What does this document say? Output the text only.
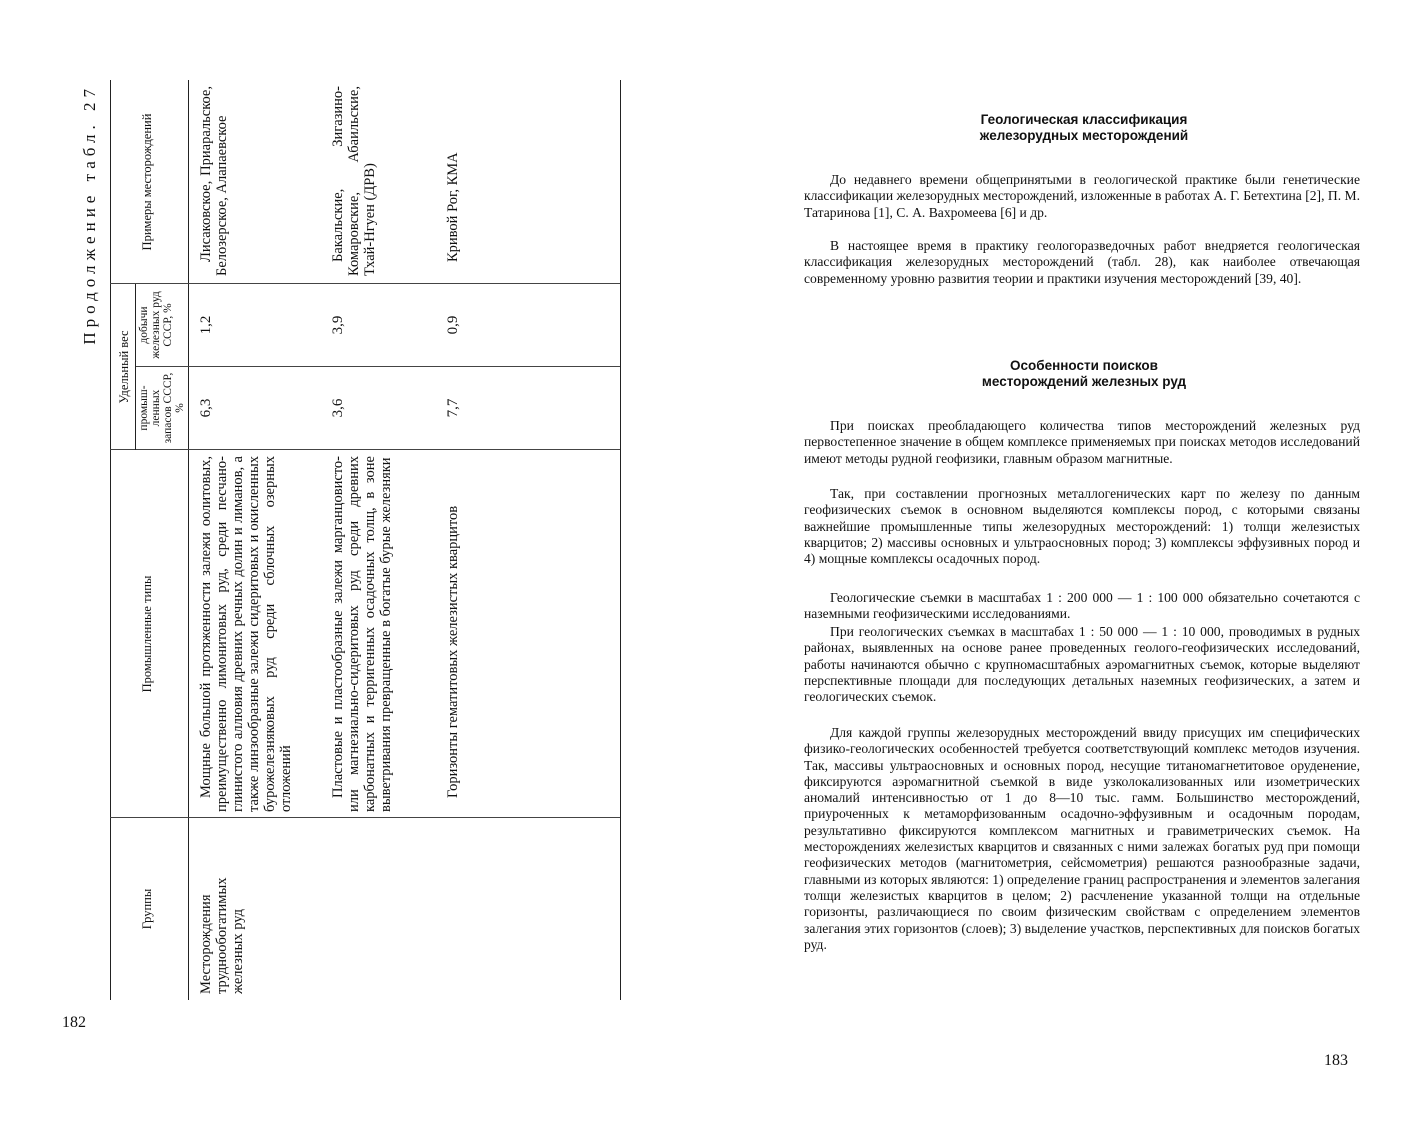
182
Продолжение табл. 27
Группы
Промышленные типы
Удельный вес
промыш-ленных запасов СССР, %
добычи железных руд СССР, %
Примеры месторождений
Месторождения труднообогатимых железных руд
Мощные большой протяженности залежи оолитовых, преимущественно лимонитовых руд, среди песчано-глинистого аллювия древних речных долин и лиманов, а также линзообразные залежи сидеритовых и окисленных бурожелезняковых руд среди сблочных озерных отложений
6,3
1,2
Лисаковское, Приаральское, Белозерское, Алапаевское
Пластовые и пластообразные залежи марганцовисто- или магнезиально-сидеритовых руд среди древних карбонатных и терригенных осадочных толщ, в зоне выветривания превращенные в богатые бурые железняки
3,6
3,9
Бакальские, Зигазино-Комаровские, Абаильские, Тхай-Нгуен (ДРВ)
Горизонты гематитовых железистых кварцитов
7,7
0,9
Кривой Рог, КМА
Геологическая классификация
железорудных месторождений

До недавнего времени общепринятыми в геологической практике были генетические классификации железорудных месторождений, изложенные в работах А. Г. Бетехтина [2], П. М. Татаринова [1], С. А. Вахромеева [6] и др.

В настоящее время в практику геологоразведочных работ внедряется геологическая классификация железорудных месторождений (табл. 28), как наиболее отвечающая современному уровню развития теории и практики изучения месторождений [39, 40].

Особенности поисков
месторождений железных руд

При поисках преобладающего количества типов месторождений железных руд первостепенное значение в общем комплексе применяемых при поисках методов исследований имеют методы рудной геофизики, главным образом магнитные.

Так, при составлении прогнозных металлогенических карт по железу по данным геофизических съемок в основном выделяются комплексы пород, с которыми связаны важнейшие промышленные типы железорудных месторождений: 1) толщи железистых кварцитов; 2) массивы основных и ультраосновных пород; 3) комплексы эффузивных пород и 4) мощные комплексы осадочных пород.

Геологические съемки в масштабах 1 : 200 000 — 1 : 100 000 обязательно сочетаются с наземными геофизическими исследованиями.

При геологических съемках в масштабах 1 : 50 000 — 1 : 10 000, проводимых в рудных районах, выявленных на основе ранее проведенных геолого-геофизических исследований, работы начинаются обычно с крупномасштабных аэромагнитных съемок, которые выделяют перспективные площади для последующих детальных наземных геофизических, а затем и геологических съемок.

Для каждой группы железорудных месторождений ввиду присущих им специфических физико-геологических особенностей требуется соответствующий комплекс методов изучения. Так, массивы ультраосновных и основных пород, несущие титаномагнетитовое оруденение, фиксируются аэромагнитной съемкой в виде узколокализованных или изометрических аномалий интенсивностью от 1 до 8—10 тыс. гамм. Большинство месторождений, приуроченных к метаморфизованным осадочно-эффузивным и осадочным породам, результативно фиксируются комплексом магнитных и гравиметрических съемок. На месторождениях железистых кварцитов и связанных с ними залежах богатых руд при помощи геофизических методов (магнитометрия, сейсмометрия) решаются разнообразные задачи, главными из которых являются: 1) определение границ распространения и элементов залегания толщи железистых кварцитов в целом; 2) расчленение указанной толщи на отдельные горизонты, различающиеся по своим физическим свойствам с определением элементов залегания этих горизонтов (слоев); 3) выделение участков, перспективных для поисков богатых руд.

183
